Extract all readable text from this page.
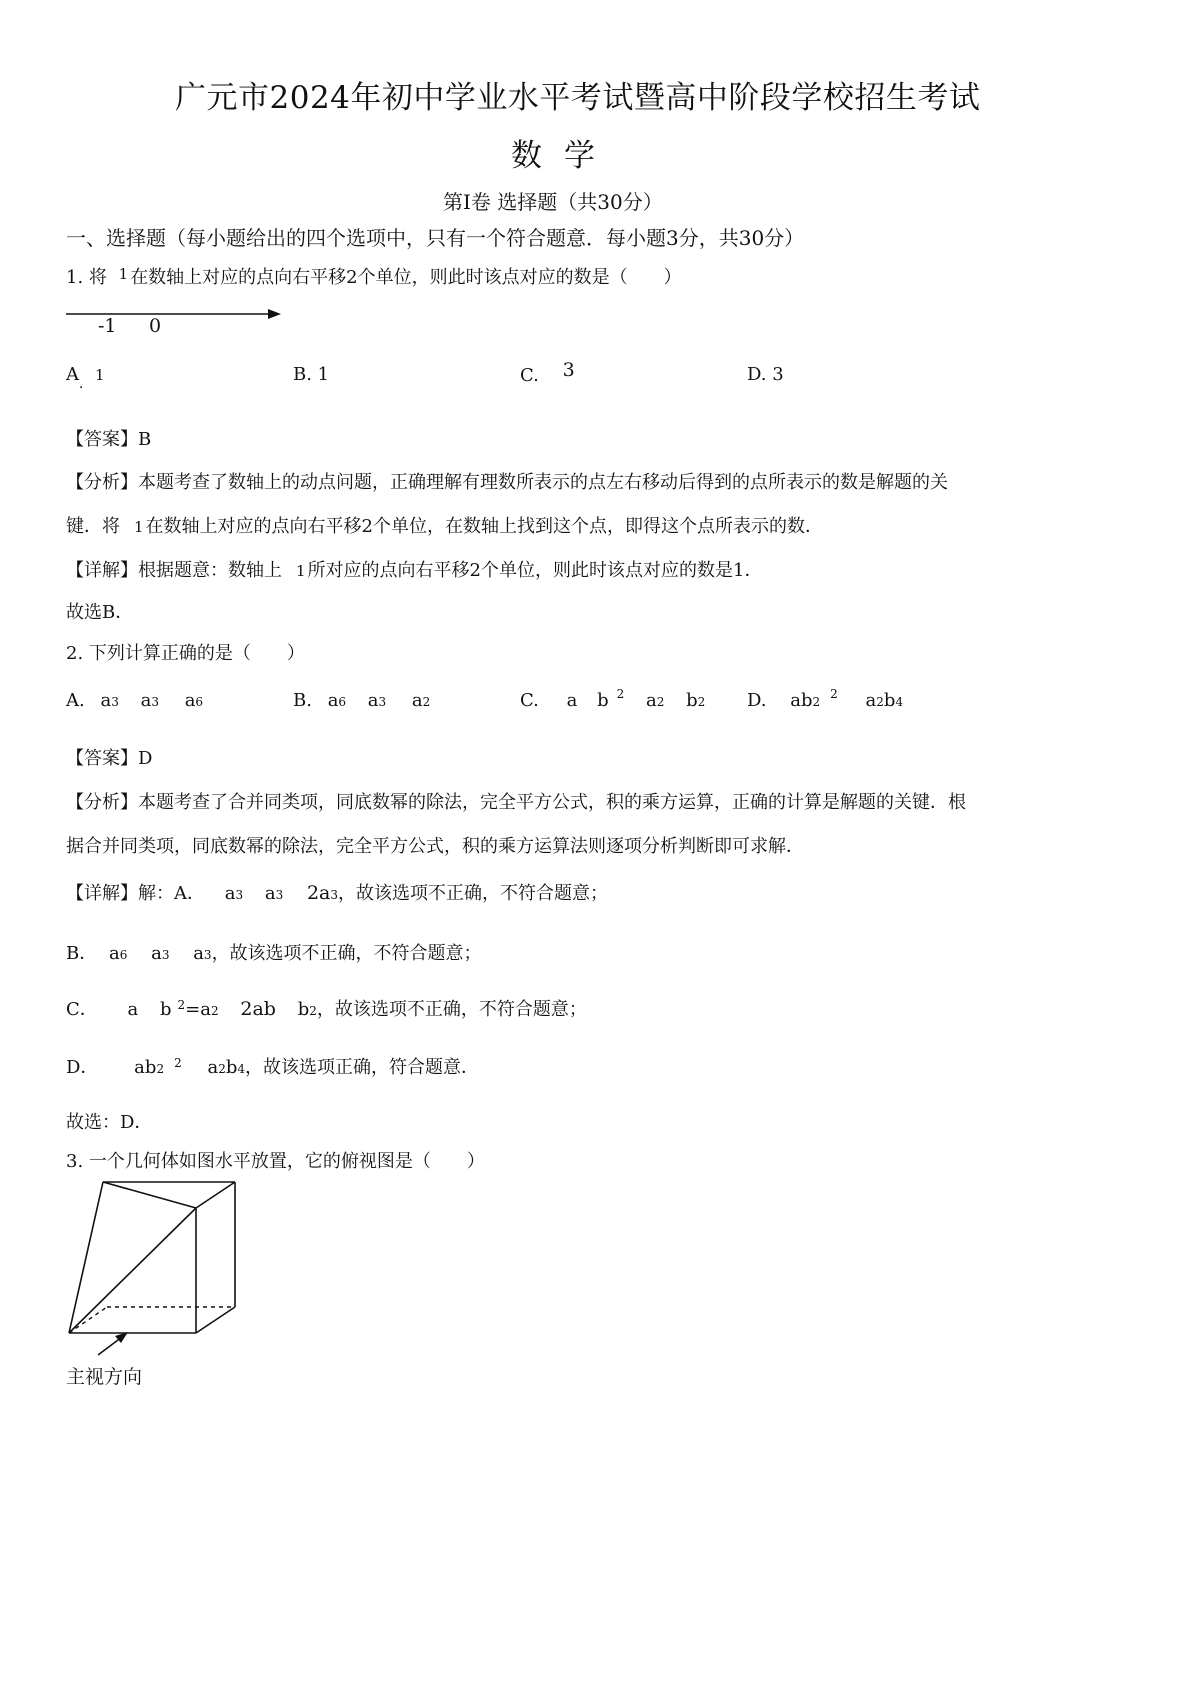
广元市2024年初中学业水平考试暨高中阶段学校招生考试
数学
第Ⅰ卷 选择题（共30分）
一、选择题（每小题给出的四个选项中，只有一个符合题意．每小题3分，共30分）
1. 将 $^1$ 在数轴上对应的点向右平移2个单位，则此时该点对应的数是（　　）
-1 0
$A_.$ 1	B. 1	C. 3	D. 3
【答案】B
【分析】本题考查了数轴上的动点问题，正确理解有理数所表示的点左右移动后得到的点所表示的数是解题的关
键．将 1 在数轴上对应的点向右平移2个单位，在数轴上找到这个点，即得这个点所表示的数．
【详解】根据题意：数轴上 1 所对应的点向右平移2个单位，则此时该点对应的数是1．
故选B．
2. 下列计算正确的是（　　）
A. a3 a3 a6	B. a6 a3 a2	C. a b $^2$ a2 b2 D. $ab2^2$ a2b4
【答案】D
【分析】本题考查了合并同类项，同底数幂的除法，完全平方公式，积的乘方运算，正确的计算是解题的关键．根
据合并同类项，同底数幂的除法，完全平方公式，积的乘方运算法则逐项分析判断即可求解．
【详解】解：A． a3 a3 2a3，故该选项不正确，不符合题意；
B． a6 a3 a3，故该选项不正确，不符合题意；
C． a b $^2$=a2 2ab b2，故该选项不正确，不符合题意；
D． ab2 $^2$ a2b4，故该选项正确，符合题意．
故选：D．
3. 一个几何体如图水平放置，它的俯视图是（　　）
主视方向
